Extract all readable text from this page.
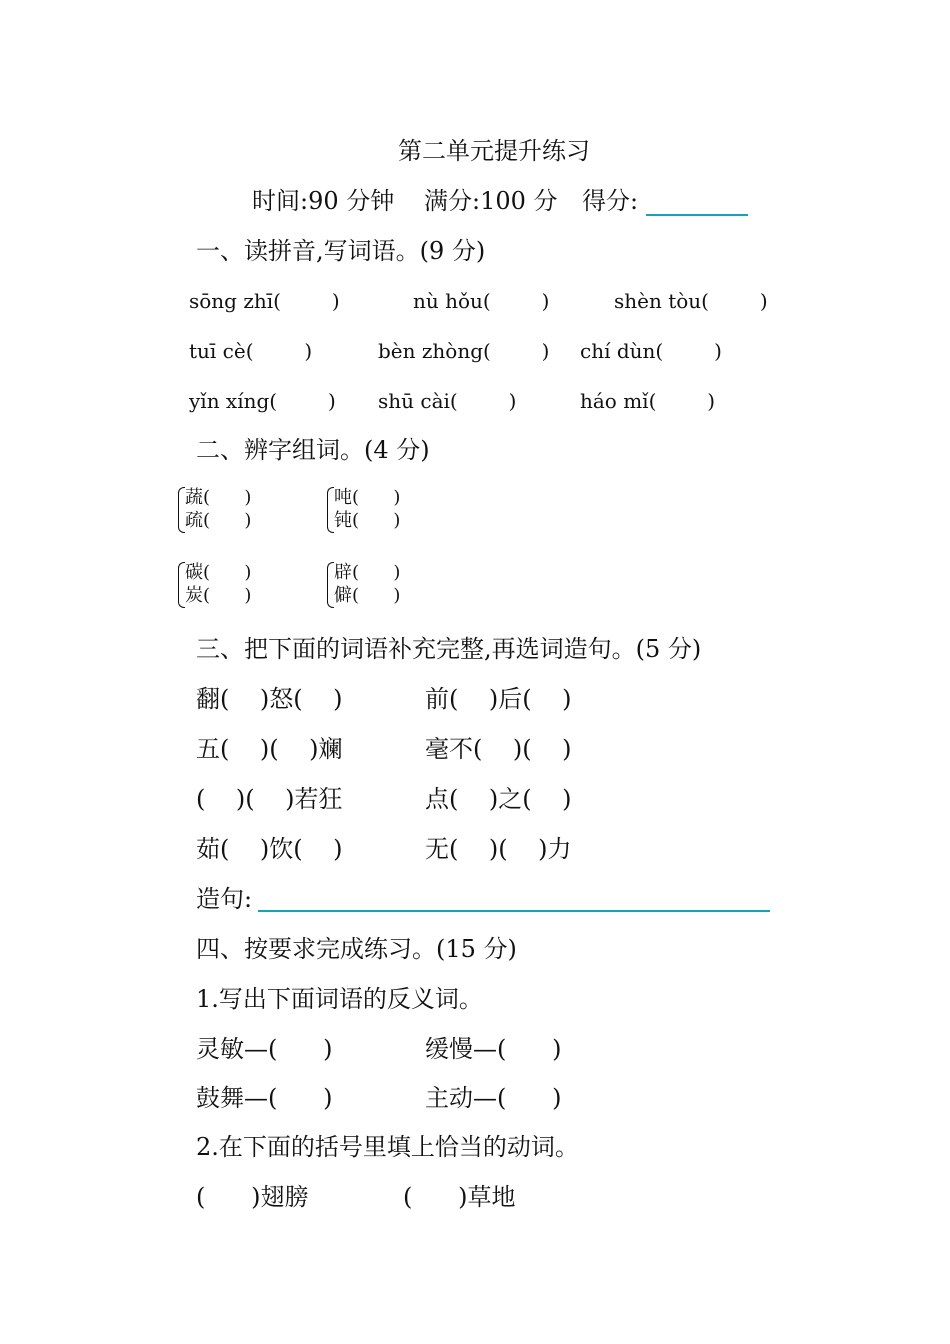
第二单元提升练习
时间:90 分钟 满分:100 分 得分:
一、读拼音,写词语。(9 分)
sōng zhī(        )	nù hǒu(        )	shèn tòu(        )
tuī cè(        )	bèn zhòng(        ) chí dùn(        )
yǐn xíng(        ) shū cài(        )	háo mǐ(        )
二、辨字组词。(4 分)
蔬(      )
疏(      )
吨(      )
钝(      )
碳(      )
炭(      )
辟(      )
僻(      )
三、把下面的词语补充完整,再选词造句。(5 分)
翻(    )怒(    )	前(    )后(    )
五(    )(    )斓	毫不(    )(    )
(    )(    )若狂	点(    )之(    )
茹(    )饮(    )	无(    )(    )力
造句:
四、按要求完成练习。(15 分)
1.写出下面词语的反义词。
灵敏—(      )	缓慢—(      )
鼓舞—(      )	主动—(      )
2.在下面的括号里填上恰当的动词。
(      )翅膀	(      )草地
